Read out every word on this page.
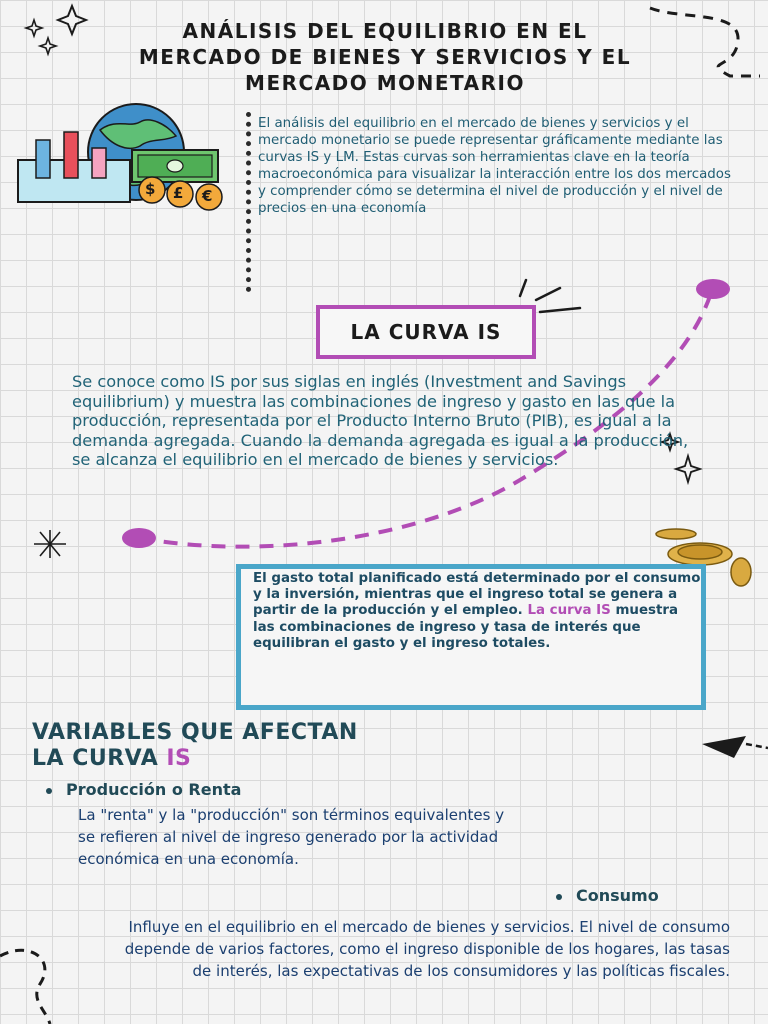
$ £ €
ANÁLISIS DEL EQUILIBRIO EN EL
MERCADO DE BIENES Y SERVICIOS Y EL
MERCADO MONETARIO
El análisis del equilibrio en el mercado de bienes y servicios y el mercado monetario se puede representar gráficamente mediante las curvas IS y LM. Estas curvas son herramientas clave en la teoría macroeconómica para visualizar la interacción entre los dos mercados y comprender cómo se determina el nivel de producción y el nivel de precios en una economía
LA CURVA IS
Se conoce como IS por sus siglas en inglés (Investment and Savings equilibrium) y muestra las combinaciones de ingreso y gasto en las que la producción, representada por el Producto Interno Bruto (PIB), es igual a la demanda agregada. Cuando la demanda agregada es igual a la producción, se alcanza el equilibrio en el mercado de bienes y servicios.
El gasto total planificado está determinado por el consumo y la inversión, mientras que el ingreso total se genera a partir de la producción y el empleo. La curva IS muestra las combinaciones de ingreso y tasa de interés que equilibran el gasto y el ingreso totales.
VARIABLES QUE AFECTAN
LA CURVA IS
Producción o Renta
La "renta" y la "producción" son términos equivalentes y se refieren al nivel de ingreso generado por la actividad económica en una economía.
Consumo
Influye en el equilibrio en el mercado de bienes y servicios. El nivel de consumo depende de varios factores, como el ingreso disponible de los hogares, las tasas de interés, las expectativas de los consumidores y las políticas fiscales.
